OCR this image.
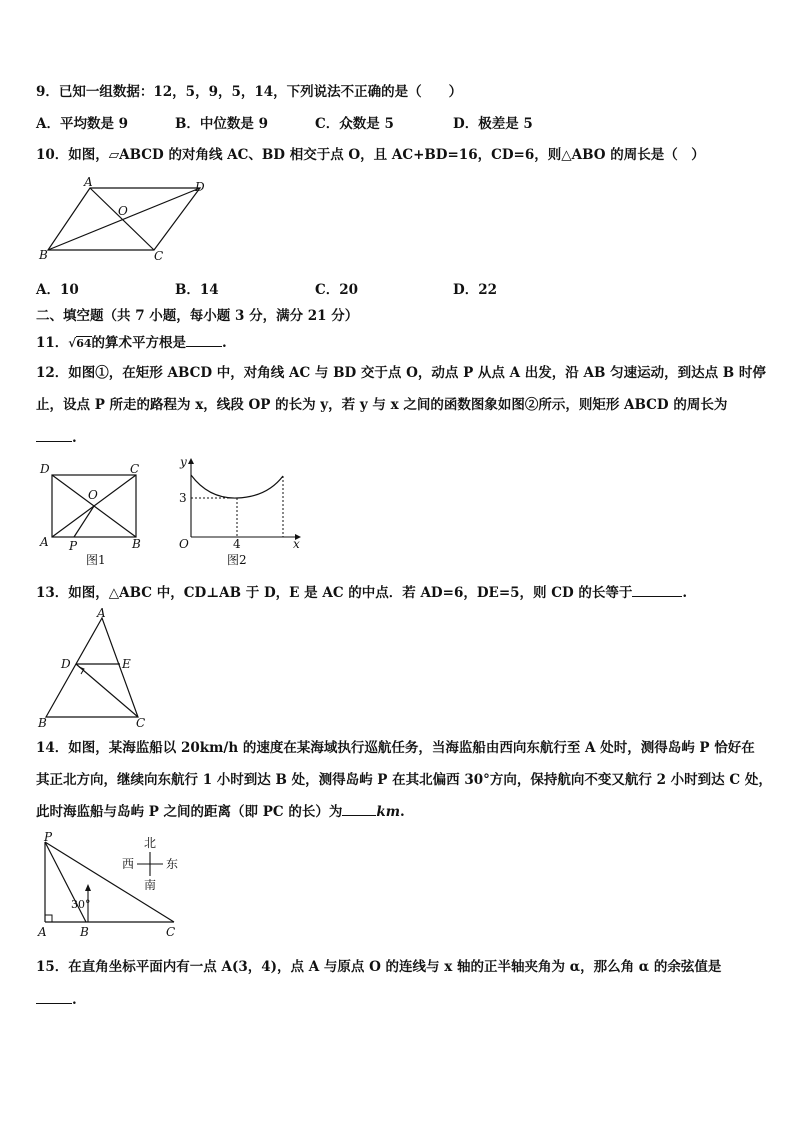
9．已知一组数据：12，5，9，5，14，下列说法不正确的是（　　）
A．平均数是 9	B．中位数是 9	C．众数是 5	D．极差是 5
10．如图，▱ABCD 的对角线 AC、BD 相交于点 O，且 AC+BD=16，CD=6，则△ABO 的周长是（　）
A	D
O
B	C
A．10	B．14	C．20	D．22
二、填空题（共 7 小题，每小题 3 分，满分 21 分）
11．√64的算术平方根是	.
12．如图①，在矩形 ABCD 中，对角线 AC 与 BD 交于点 O，动点 P 从点 A 出发，沿 AB 匀速运动，到达点 B 时停
止，设点 P 所走的路程为 x，线段 OP 的长为 y，若 y 与 x 之间的函数图象如图②所示，则矩形 ABCD 的周长为
.
D	C
O
A P	B
图1
y
3
O	4	x
图2
13．如图，△ABC 中，CD⊥AB 于 D，E 是 AC 的中点．若 AD=6，DE=5，则 CD 的长等于	.
A
D	E
B	C
14．如图，某海监船以 20km/h 的速度在某海域执行巡航任务，当海监船由西向东航行至 A 处时，测得岛屿 P 恰好在
其正北方向，继续向东航行 1 小时到达 B 处，测得岛屿 P 在其北偏西 30°方向，保持航向不变又航行 2 小时到达 C 处，
此时海监船与岛屿 P 之间的距离（即 PC 的长）为	km.
P
30°
A	B	C
北
西	东
南
15．在直角坐标平面内有一点 A(3，4)，点 A 与原点 O 的连线与 x 轴的正半轴夹角为 α，那么角 α 的余弦值是
.
